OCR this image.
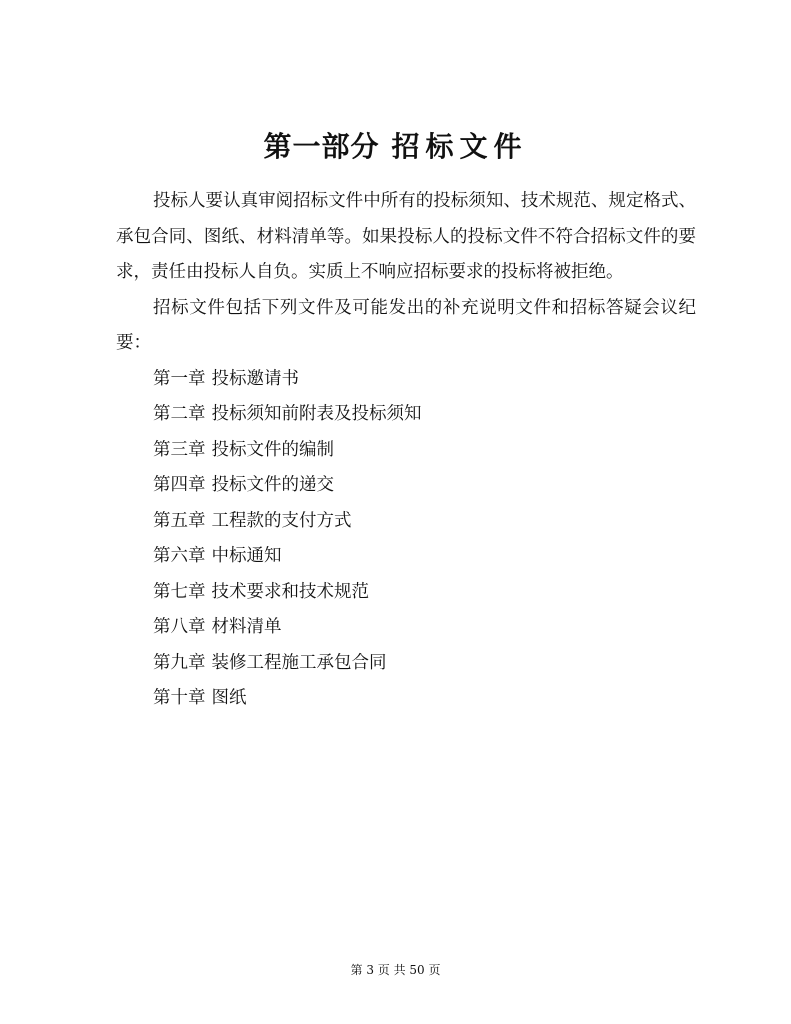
第一部分 招标文件

投标人要认真审阅招标文件中所有的投标须知、技术规范、规定格式、承包合同、图纸、材料清单等。如果投标人的投标文件不符合招标文件的要求，责任由投标人自负。实质上不响应招标要求的投标将被拒绝。

招标文件包括下列文件及可能发出的补充说明文件和招标答疑会议纪要：

第一章 投标邀请书
第二章 投标须知前附表及投标须知
第三章 投标文件的编制
第四章 投标文件的递交
第五章 工程款的支付方式
第六章 中标通知
第七章 技术要求和技术规范
第八章 材料清单
第九章 装修工程施工承包合同
第十章 图纸
第 3 页 共 50 页
